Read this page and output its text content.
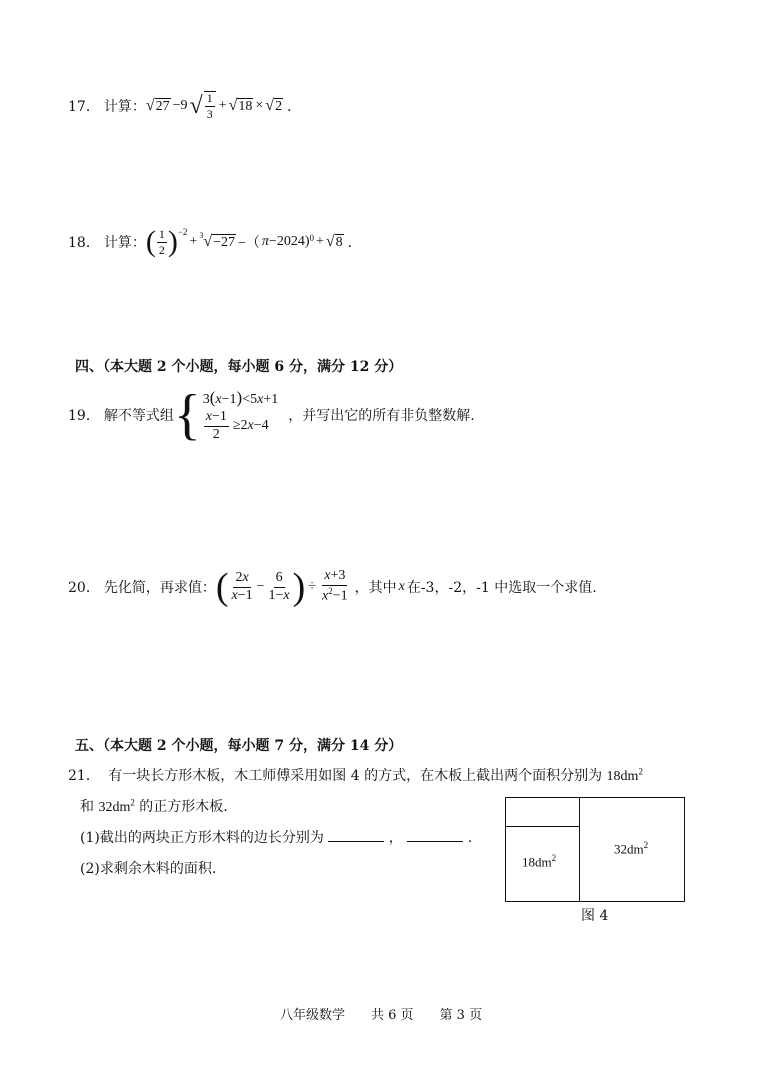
17． 计算： √ 27 −9 √ $\frac{1}{3}$ + √ 18 × √ 2 ．
18． 计算： ( $\frac{1}{2}$ ) −2
+ 3 √ −27 −（ π −2024) 0 + √ 8 ．
四、（本大题 2 个小题，每小题 6 分，满分 12 分）
19． 解不等式组 { 3(x−1)<5x+1
$\frac{x-1}{2} \ge 2x-4$
，并写出它的所有非负整数解.
20． 先化简，再求值： ( $\frac{2x}{x-1} - \frac{6}{1-x}$ ) ÷ $\frac{x+3}{x^2-1}$ ，其中 x 在-3，-2，-1 中选取一个求值.
五、（本大题 2 个小题，每小题 7 分，满分 14 分）
21． 有一块长方形木板，木工师傅采用如图 4 的方式，在木板上截出两个面积分别为 $18dm^2$
和 $32dm^2$ 的正方形木板.
(1)截出的两块正方形木料的边长分别为	，	.
(2)求剩余木料的面积.	$18dm^2$
$32dm^2$
图 4
八年级数学　　共 6 页　　第 3 页
